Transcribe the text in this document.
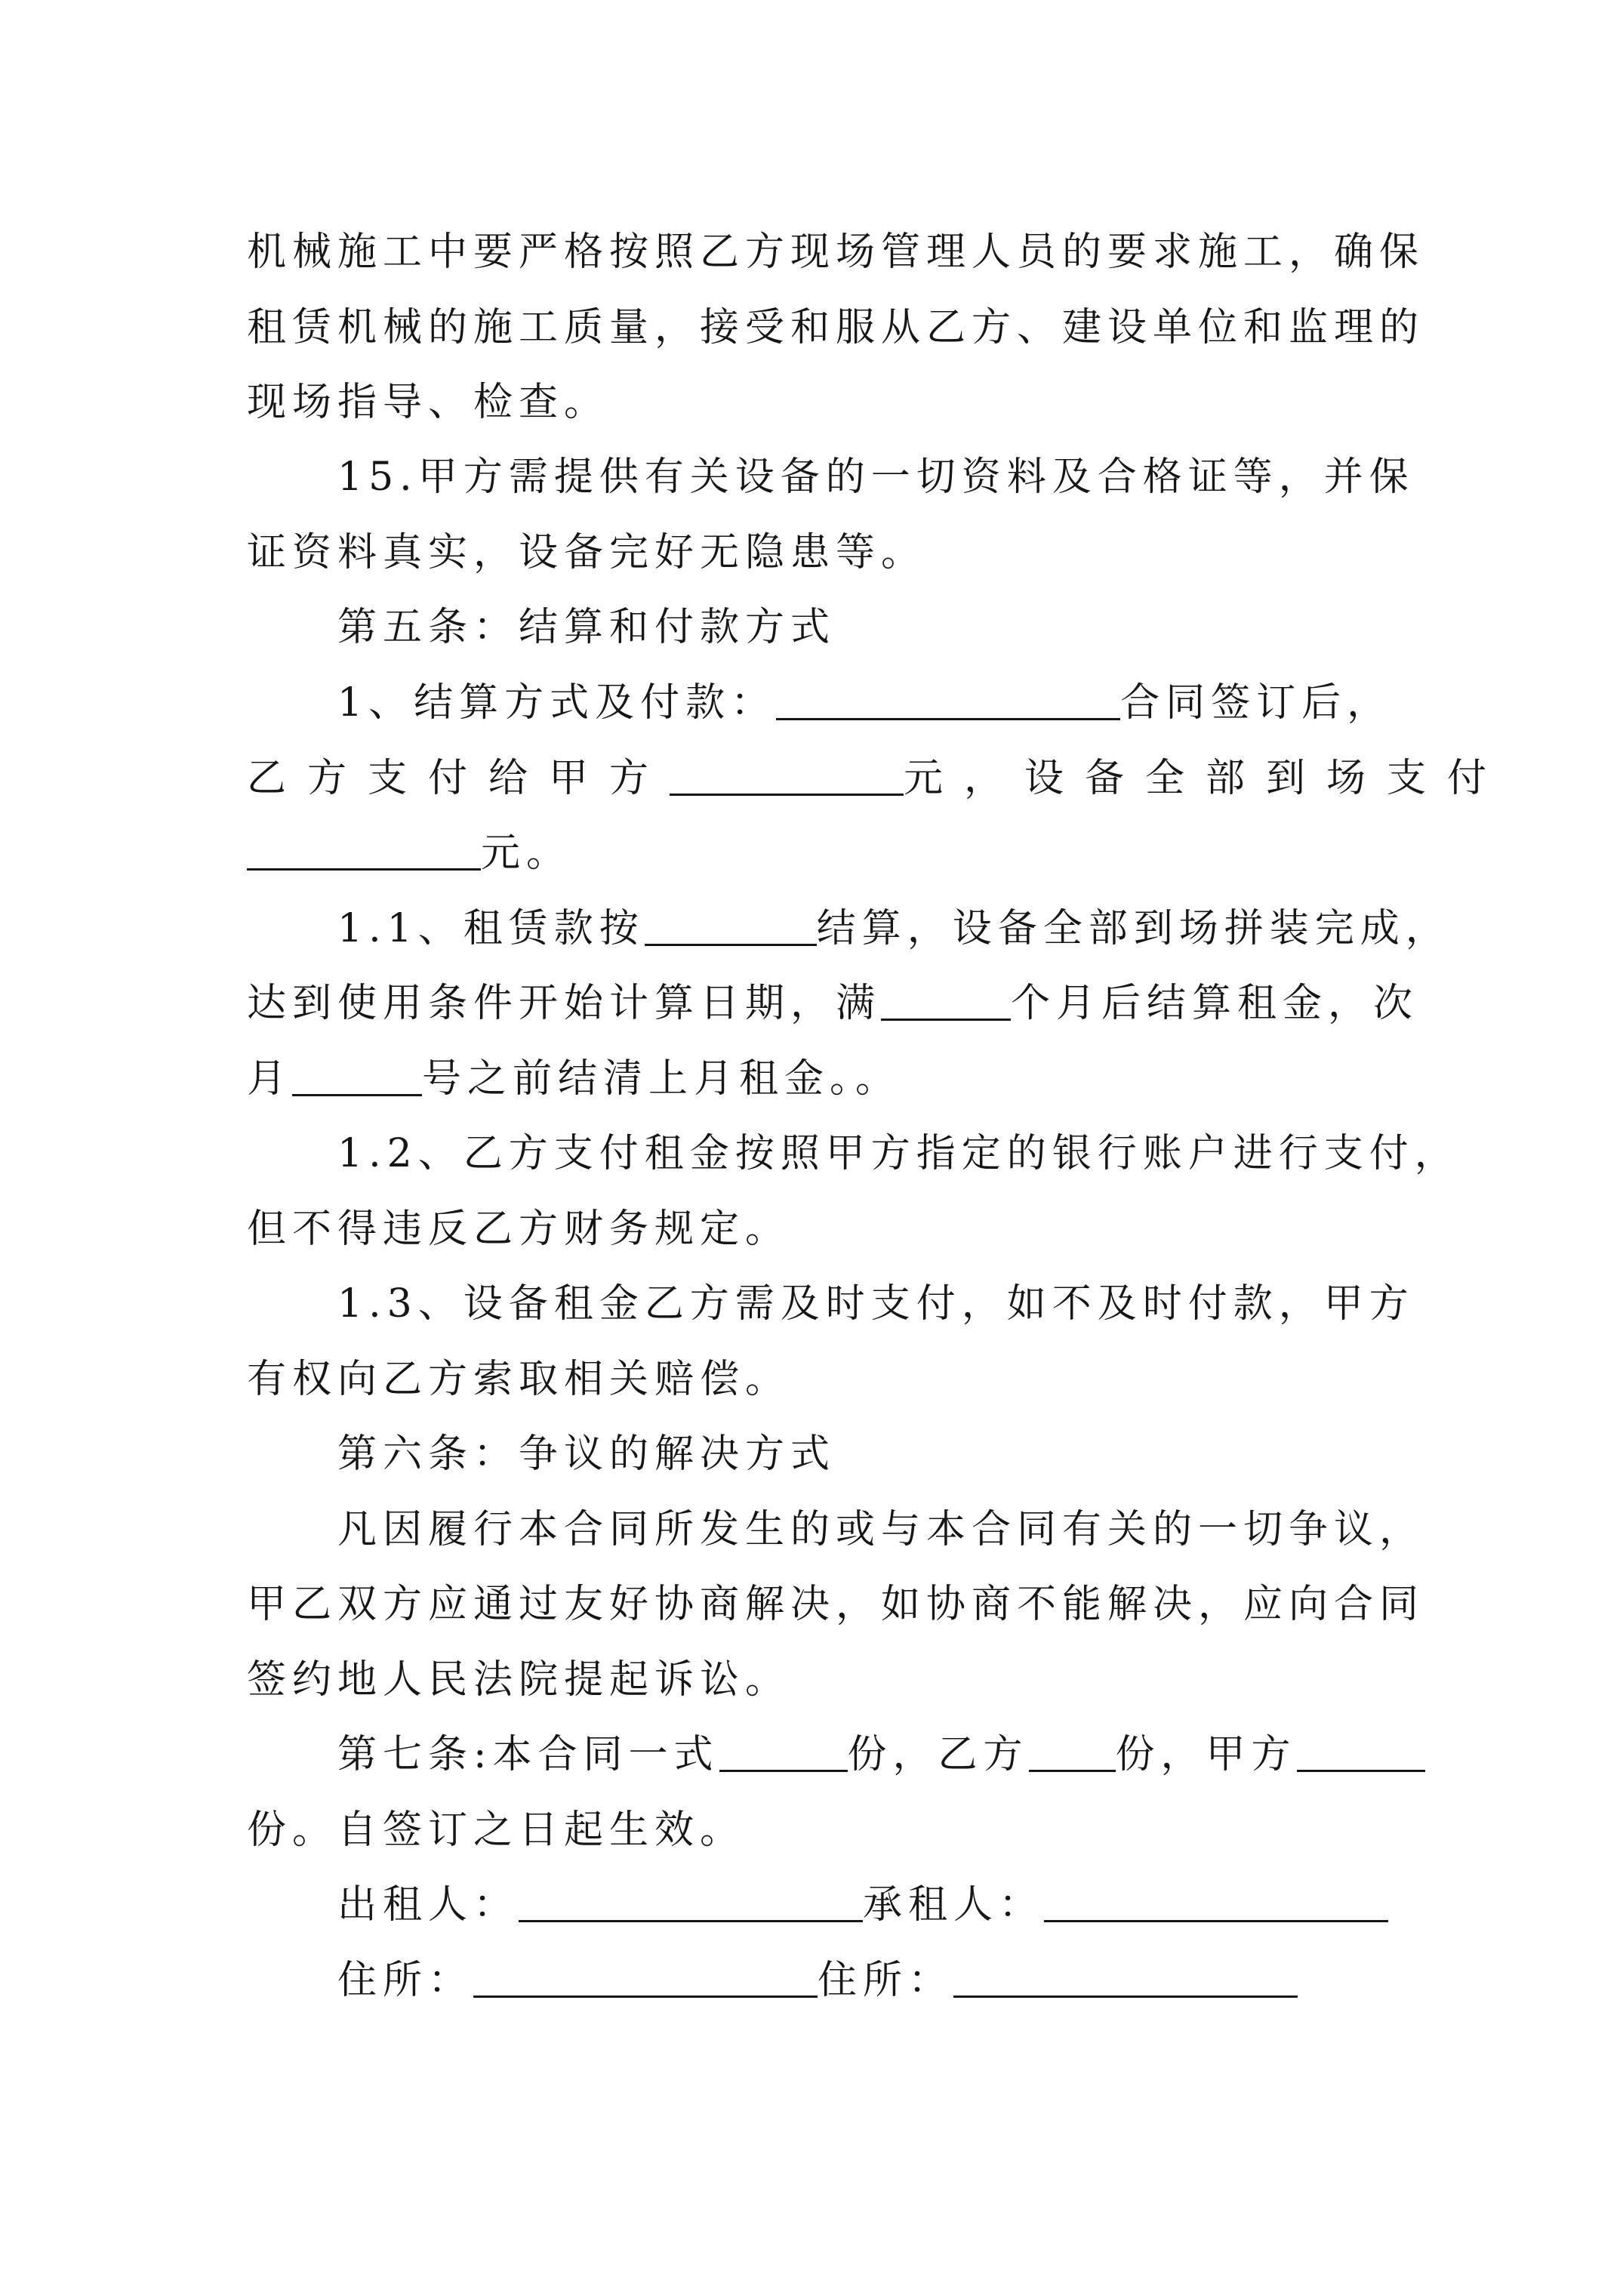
机械施工中要严格按照乙方现场管理人员的要求施工，确保
租赁机械的施工质量，接受和服从乙方、建设单位和监理的
现场指导、检查。
15.甲方需提供有关设备的一切资料及合格证等，并保
证资料真实，设备完好无隐患等。
第五条：结算和付款方式
1、结算方式及付款：	合同签订后，
乙方支付给甲方	元，设备全部到场支付
元。
1.1、租赁款按	结算，设备全部到场拼装完成，
达到使用条件开始计算日期，满	个月后结算租金，次
月	号之前结清上月租金。。
1.2、乙方支付租金按照甲方指定的银行账户进行支付，
但不得违反乙方财务规定。
1.3、设备租金乙方需及时支付，如不及时付款，甲方
有权向乙方索取相关赔偿。
第六条：争议的解决方式
凡因履行本合同所发生的或与本合同有关的一切争议，
甲乙双方应通过友好协商解决，如协商不能解决，应向合同
签约地人民法院提起诉讼。
第七条:本合同一式	份，乙方 份，甲方
份。自签订之日起生效。
出租人：	承租人：
住所：	住所：
